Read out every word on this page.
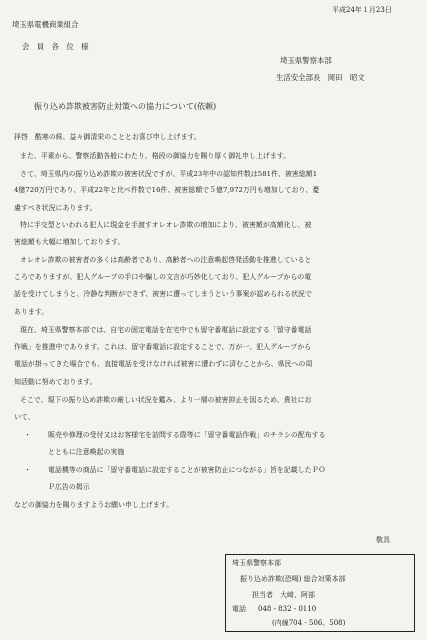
平成24年１月23日
埼玉県電機商業組合
会　員　各　位　様
埼玉県警察本部
生活安全部長　岡田　昭文
振り込め詐欺被害防止対策への協力について(依頼)
拝啓　酷寒の候、益々御清栄のこととお喜び申し上げます。
また、平素から、警察活動各般にわたり、格段の御協力を賜り厚く御礼申し上げます。
さて、埼玉県内の振り込め詐欺の被害状況ですが、平成23年中の認知件数は581件、被害総額1
4億720万円であり、平成22年と比べ件数で16件、被害総額で５億7,972万円も増加しており、憂
慮すべき状況にあります。
特に手交型といわれる犯人に現金を手渡すオレオレ詐欺の増加により、被害額が高額化し、被
害総額も大幅に増加しております。
オレオレ詐欺の被害者の多くは高齢者であり、高齢者への注意喚起啓発活動を推進していると
ころでありますが、犯人グループの手口や騙しの文言が巧妙化しており、犯人グループからの電
話を受けてしまうと、冷静な判断ができず、被害に遭ってしまうという事案が認められる状況で
あります。
現在、埼玉県警察本部では、自宅の固定電話を在宅中でも留守番電話に設定する「留守番電話
作戦」を推進中であります。これは、留守番電話に設定することで、万が一、犯人グループから
電話が掛ってきた場合でも、直接電話を受けなければ被害に遭わずに済むことから、県民への周
知活動に努めております。
そこで、現下の振り込め詐欺の厳しい状況を鑑み、より一層の被害抑止を図るため、貴社にお
いて、
・ 販売や修理の受付又はお客様宅を訪問する際等に「留守番電話作戦」のチラシの配布する
とともに注意喚起の実施
・ 電話機等の商品に「留守番電話に設定することが被害防止につながる」旨を記載したＰＯ
Ｐ広告の掲示
などの御協力を賜りますようお願い申し上げます。
敬具
埼玉県警察本部
振り込め詐欺(恐喝) 総合対策本部
担当者　大﨑、阿部
電話 048 - 832 - 0110
(内線704 - 506、508)
